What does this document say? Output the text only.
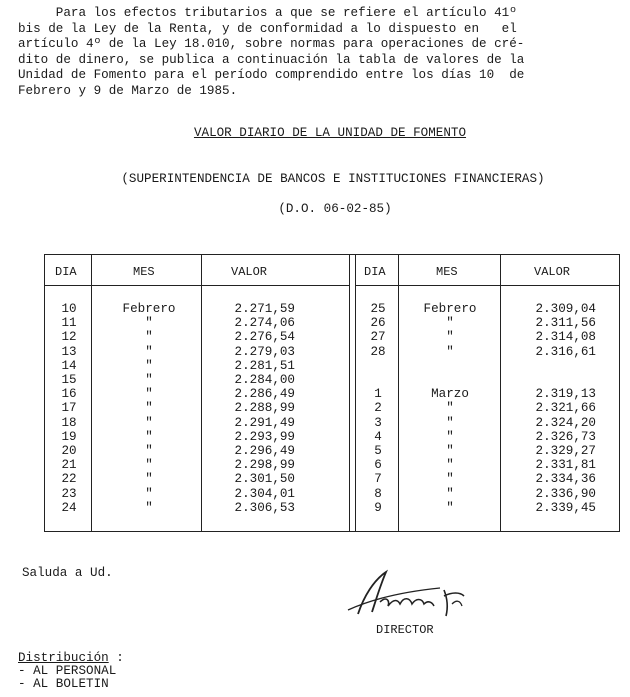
Para los efectos tributarios a que se refiere el artículo 41º
bis de la Ley de la Renta, y de conformidad a lo dispuesto en   el
artículo 4º de la Ley 18.010, sobre normas para operaciones de cré-
dito de dinero, se publica a continuación la tabla de valores de la
Unidad de Fomento para el período comprendido entre los días 10  de
Febrero y 9 de Marzo de 1985.
VALOR DIARIO DE LA UNIDAD DE FOMENTO
(SUPERINTENDENCIA DE BANCOS E INSTITUCIONES FINANCIERAS)
(D.O. 06-02-85)
DIA	MES	VALOR
10	Febrero	2.271,59
11	"	2.274,06
12	"	2.276,54
13	"	2.279,03
14	"	2.281,51
15	"	2.284,00
16	"	2.286,49
17	"	2.288,99
18	"	2.291,49
19	"	2.293,99
20	"	2.296,49
21	"	2.298,99
22	"	2.301,50
23	"	2.304,01
24	"	2.306,53
DIA	MES	VALOR
25	Febrero	2.309,04
26	"	2.311,56
27	"	2.314,08
28	"	2.316,61
1	Marzo	2.319,13
2	"	2.321,66
3	"	2.324,20
4	"	2.326,73
5	"	2.329,27
6	"	2.331,81
7	"	2.334,36
8	"	2.336,90
9	"	2.339,45
Saluda a Ud.
DIRECTOR
Distribución :
- AL PERSONAL
- AL BOLETIN
